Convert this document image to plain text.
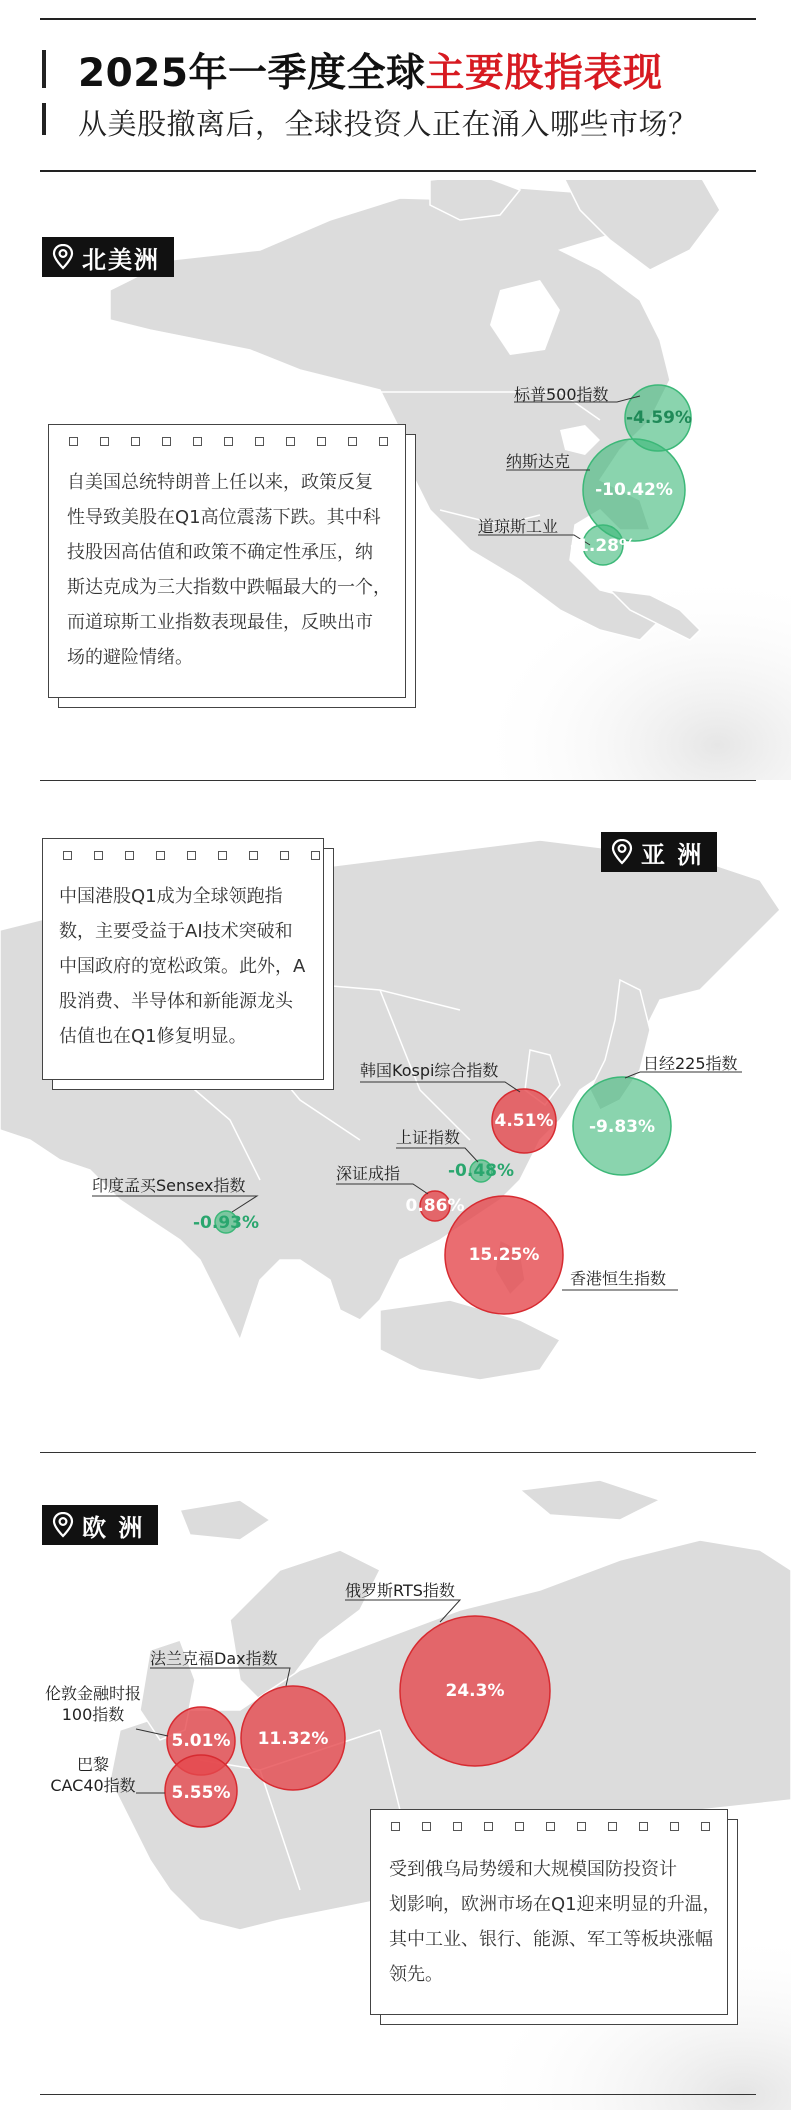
2025年一季度全球主要股指表现
从美股撤离后，全球投资人正在涌入哪些市场？
北美洲
自美国总统特朗普上任以来，政策反复
性导致美股在Q1高位震荡下跌。其中科
技股因高估值和政策不确定性承压，纳
斯达克成为三大指数中跌幅最大的一个，
而道琼斯工业指数表现最佳，反映出市
场的避险情绪。
标普500指数
纳斯达克
道琼斯工业
-4.59%
-10.42%
-1.28%
亚 洲
中国港股Q1成为全球领跑指
数，主要受益于AI技术突破和
中国政府的宽松政策。此外，A
股消费、半导体和新能源龙头
估值也在Q1修复明显。
韩国Kospi综合指数	日经225指数
上证指数
深证成指
印度孟买Sensex指数
香港恒生指数
4.51% -9.83%
-0.48%
0.86%
-0.93%
15.25%
欧 洲
俄罗斯RTS指数
法兰克福Dax指数
伦敦金融时报
100指数
巴黎
CAC40指数
24.3%
11.32%
5.01%
5.55%
受到俄乌局势缓和大规模国防投资计
划影响，欧洲市场在Q1迎来明显的升温，
其中工业、银行、能源、军工等板块涨幅
领先。
